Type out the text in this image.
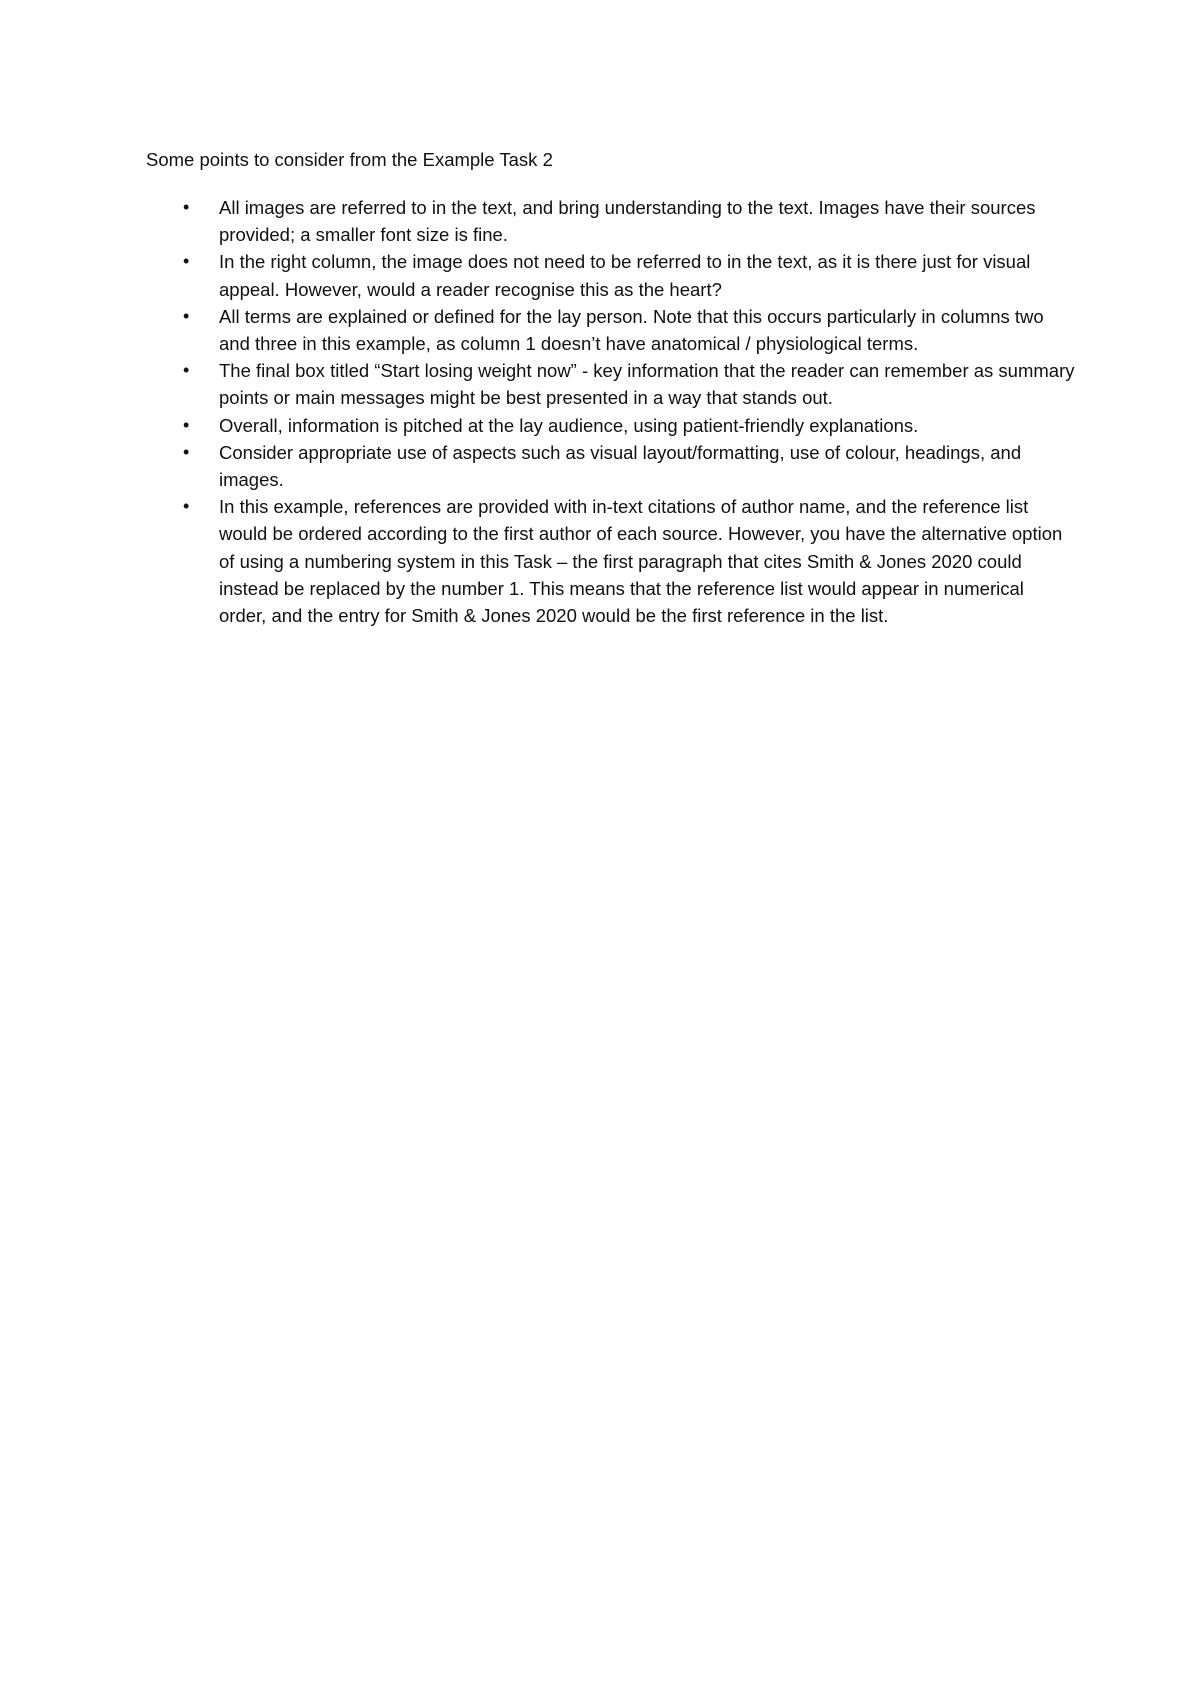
Some points to consider from the Example Task 2

• All images are referred to in the text, and bring understanding to the text. Images have their sources provided; a smaller font size is fine.
• In the right column, the image does not need to be referred to in the text, as it is there just for visual appeal. However, would a reader recognise this as the heart?
• All terms are explained or defined for the lay person. Note that this occurs particularly in columns two and three in this example, as column 1 doesn’t have anatomical / physiological terms.
• The final box titled “Start losing weight now” - key information that the reader can remember as summary points or main messages might be best presented in a way that stands out.
• Overall, information is pitched at the lay audience, using patient-friendly explanations.
• Consider appropriate use of aspects such as visual layout/formatting, use of colour, headings, and images.
• In this example, references are provided with in-text citations of author name, and the reference list would be ordered according to the first author of each source. However, you have the alternative option of using a numbering system in this Task – the first paragraph that cites Smith & Jones 2020 could instead be replaced by the number 1. This means that the reference list would appear in numerical order, and the entry for Smith & Jones 2020 would be the first reference in the list.
